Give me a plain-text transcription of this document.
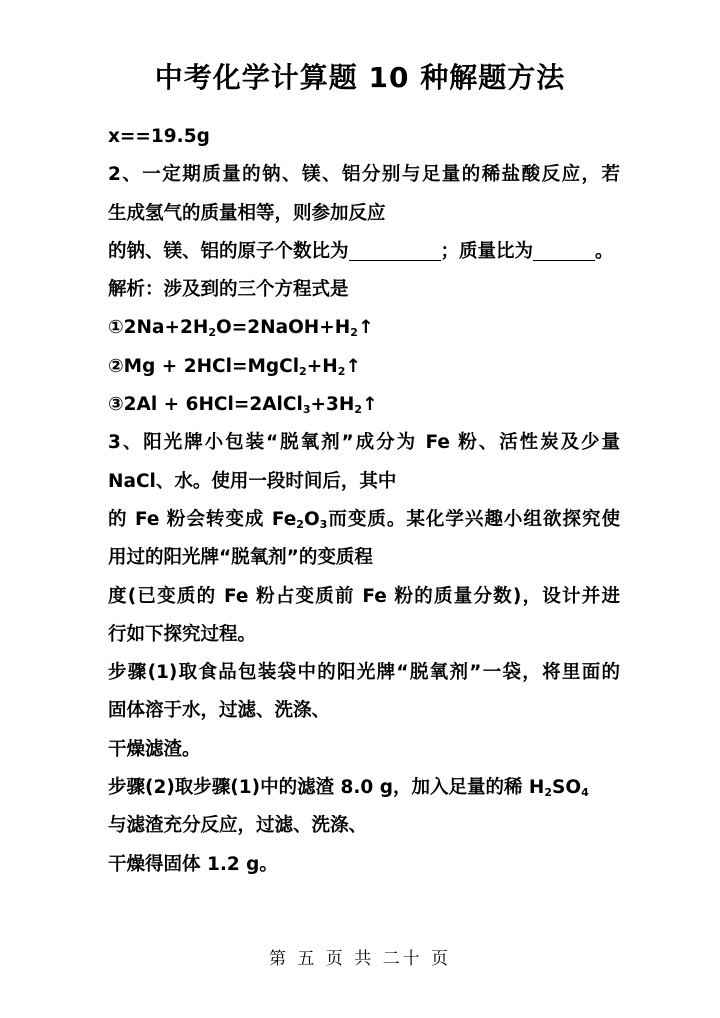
中考化学计算题 10 种解题方法
x==19.5g
2、一定期质量的钠、镁、铝分别与足量的稀盐酸反应，若
生成氢气的质量相等，则参加反应
的钠、镁、铝的原子个数比为	；质量比为	。
解析：涉及到的三个方程式是
$①2Na+2H_2O=2NaOH+H_2↑$
②Mg + $2HCl=MgCl_2+H_2↑$
③2Al + $6HCl=2AlCl_3+3H_2↑$
3、阳光牌小包装“脱氧剂”成分为 Fe 粉、活性炭及少量
NaCl、水。使用一段时间后，其中
的 Fe 粉会转变成 $Fe_2O_3$而变质。某化学兴趣小组欲探究使
用过的阳光牌“脱氧剂”的变质程
度(已变质的 Fe 粉占变质前 Fe 粉的质量分数)，设计并进
行如下探究过程。
步骤(1)取食品包装袋中的阳光牌“脱氧剂”一袋，将里面的
固体溶于水，过滤、洗涤、
干燥滤渣。
步骤(2)取步骤(1)中的滤渣 8.0 g，加入足量的稀 $H_2SO_4$
与滤渣充分反应，过滤、洗涤、
干燥得固体 1.2 g。
第 五 页 共 二十 页
